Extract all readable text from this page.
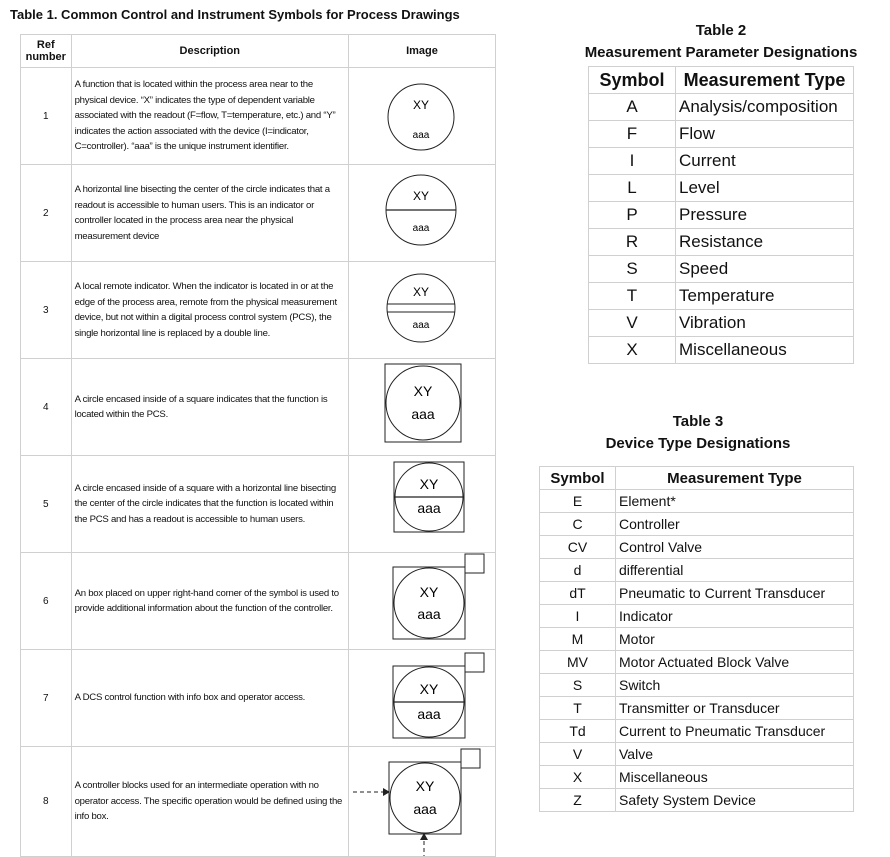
Table 1. Common Control and Instrument Symbols for Process Drawings
Ref number	Description	Image
1	A function that is located within the process area near to the physical device. “X” indicates the type of dependent variable associated with the readout (F=flow, T=temperature, etc.) and “Y” indicates the action associated with the device (I=indicator, C=controller). “aaa” is the unique instrument identifier.	XY
aaa

2	A horizontal line bisecting the center of the circle indicates that a readout is accessible to human users. This is an indicator or controller located in the process area near the physical measurement device	XY
aaa

3	A local remote indicator. When the indicator is located in or at the edge of the process area, remote from the physical measurement device, but not within a digital process control system (PCS), the single horizontal line is replaced by a double line.	XY
aaa

4	A circle encased inside of a square indicates that the function is located within the PCS.	XY
aaa

5	A circle encased inside of a square with a horizontal line bisecting the center of the circle indicates that the function is located within the PCS and has a readout is accessible to human users.	XY
aaa

6	An box placed on upper right-hand corner of the symbol is used to provide additional information about the function of the controller.	XY
aaa

7	A DCS control function with info box and operator access.	XY
aaa

8	A controller blocks used for an intermediate operation with no operator access. The specific operation would be defined using the info box.	XY
aaa
Table 2
Measurement Parameter Designations
Symbol	Measurement Type
A	Analysis/composition
F	Flow
I	Current
L	Level
P	Pressure
R	Resistance
S	Speed
T	Temperature
V	Vibration
X	Miscellaneous
Table 3
Device Type Designations
Symbol	Measurement Type
E	Element*
C	Controller
CV	Control Valve
d	differential
dT	Pneumatic to Current Transducer
I	Indicator
M	Motor
MV	Motor Actuated Block Valve
S	Switch
T	Transmitter or Transducer
Td	Current to Pneumatic Transducer
V	Valve
X	Miscellaneous
Z	Safety System Device
